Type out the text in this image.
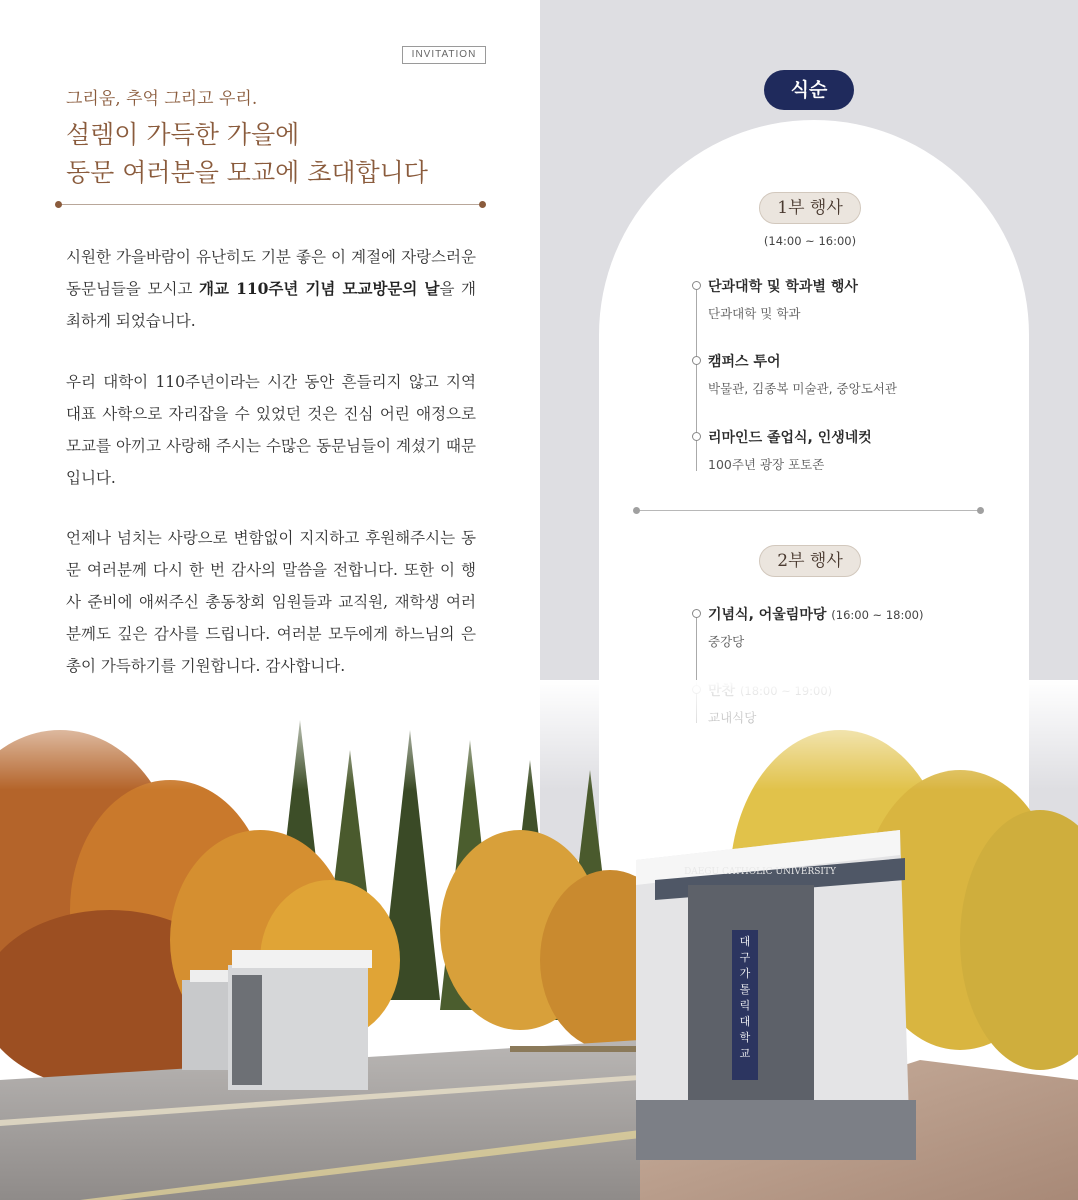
INVITATION
그리움, 추억 그리고 우리.
설렘이 가득한 가을에
동문 여러분을 모교에 초대합니다
시원한 가을바람이 유난히도 기분 좋은 이 계절에 자랑스러운 동문님들을 모시고 개교 110주년 기념 모교방문의 날을 개최하게 되었습니다.
우리 대학이 110주년이라는 시간 동안 흔들리지 않고 지역 대표 사학으로 자리잡을 수 있었던 것은 진심 어린 애정으로 모교를 아끼고 사랑해 주시는 수많은 동문님들이 계셨기 때문입니다.
언제나 넘치는 사랑으로 변함없이 지지하고 후원해주시는 동문 여러분께 다시 한 번 감사의 말씀을 전합니다. 또한 이 행사 준비에 애써주신 총동창회 임원들과 교직원, 재학생 여러분께도 깊은 감사를 드립니다. 여러분 모두에게 하느님의 은총이 가득하기를 기원합니다. 감사합니다.
식순
1부 행사
(14:00 ~ 16:00)
단과대학 및 학과별 행사
단과대학 및 학과
캠퍼스 투어
박물관, 김종복 미술관, 중앙도서관
리마인드 졸업식, 인생네컷
100주년 광장 포토존
2부 행사
기념식, 어울림마당 (16:00 ~ 18:00)
중강당
DAEGU CATHOLIC UNIVERSITY
대 구 가 톨 릭 대 학 교
